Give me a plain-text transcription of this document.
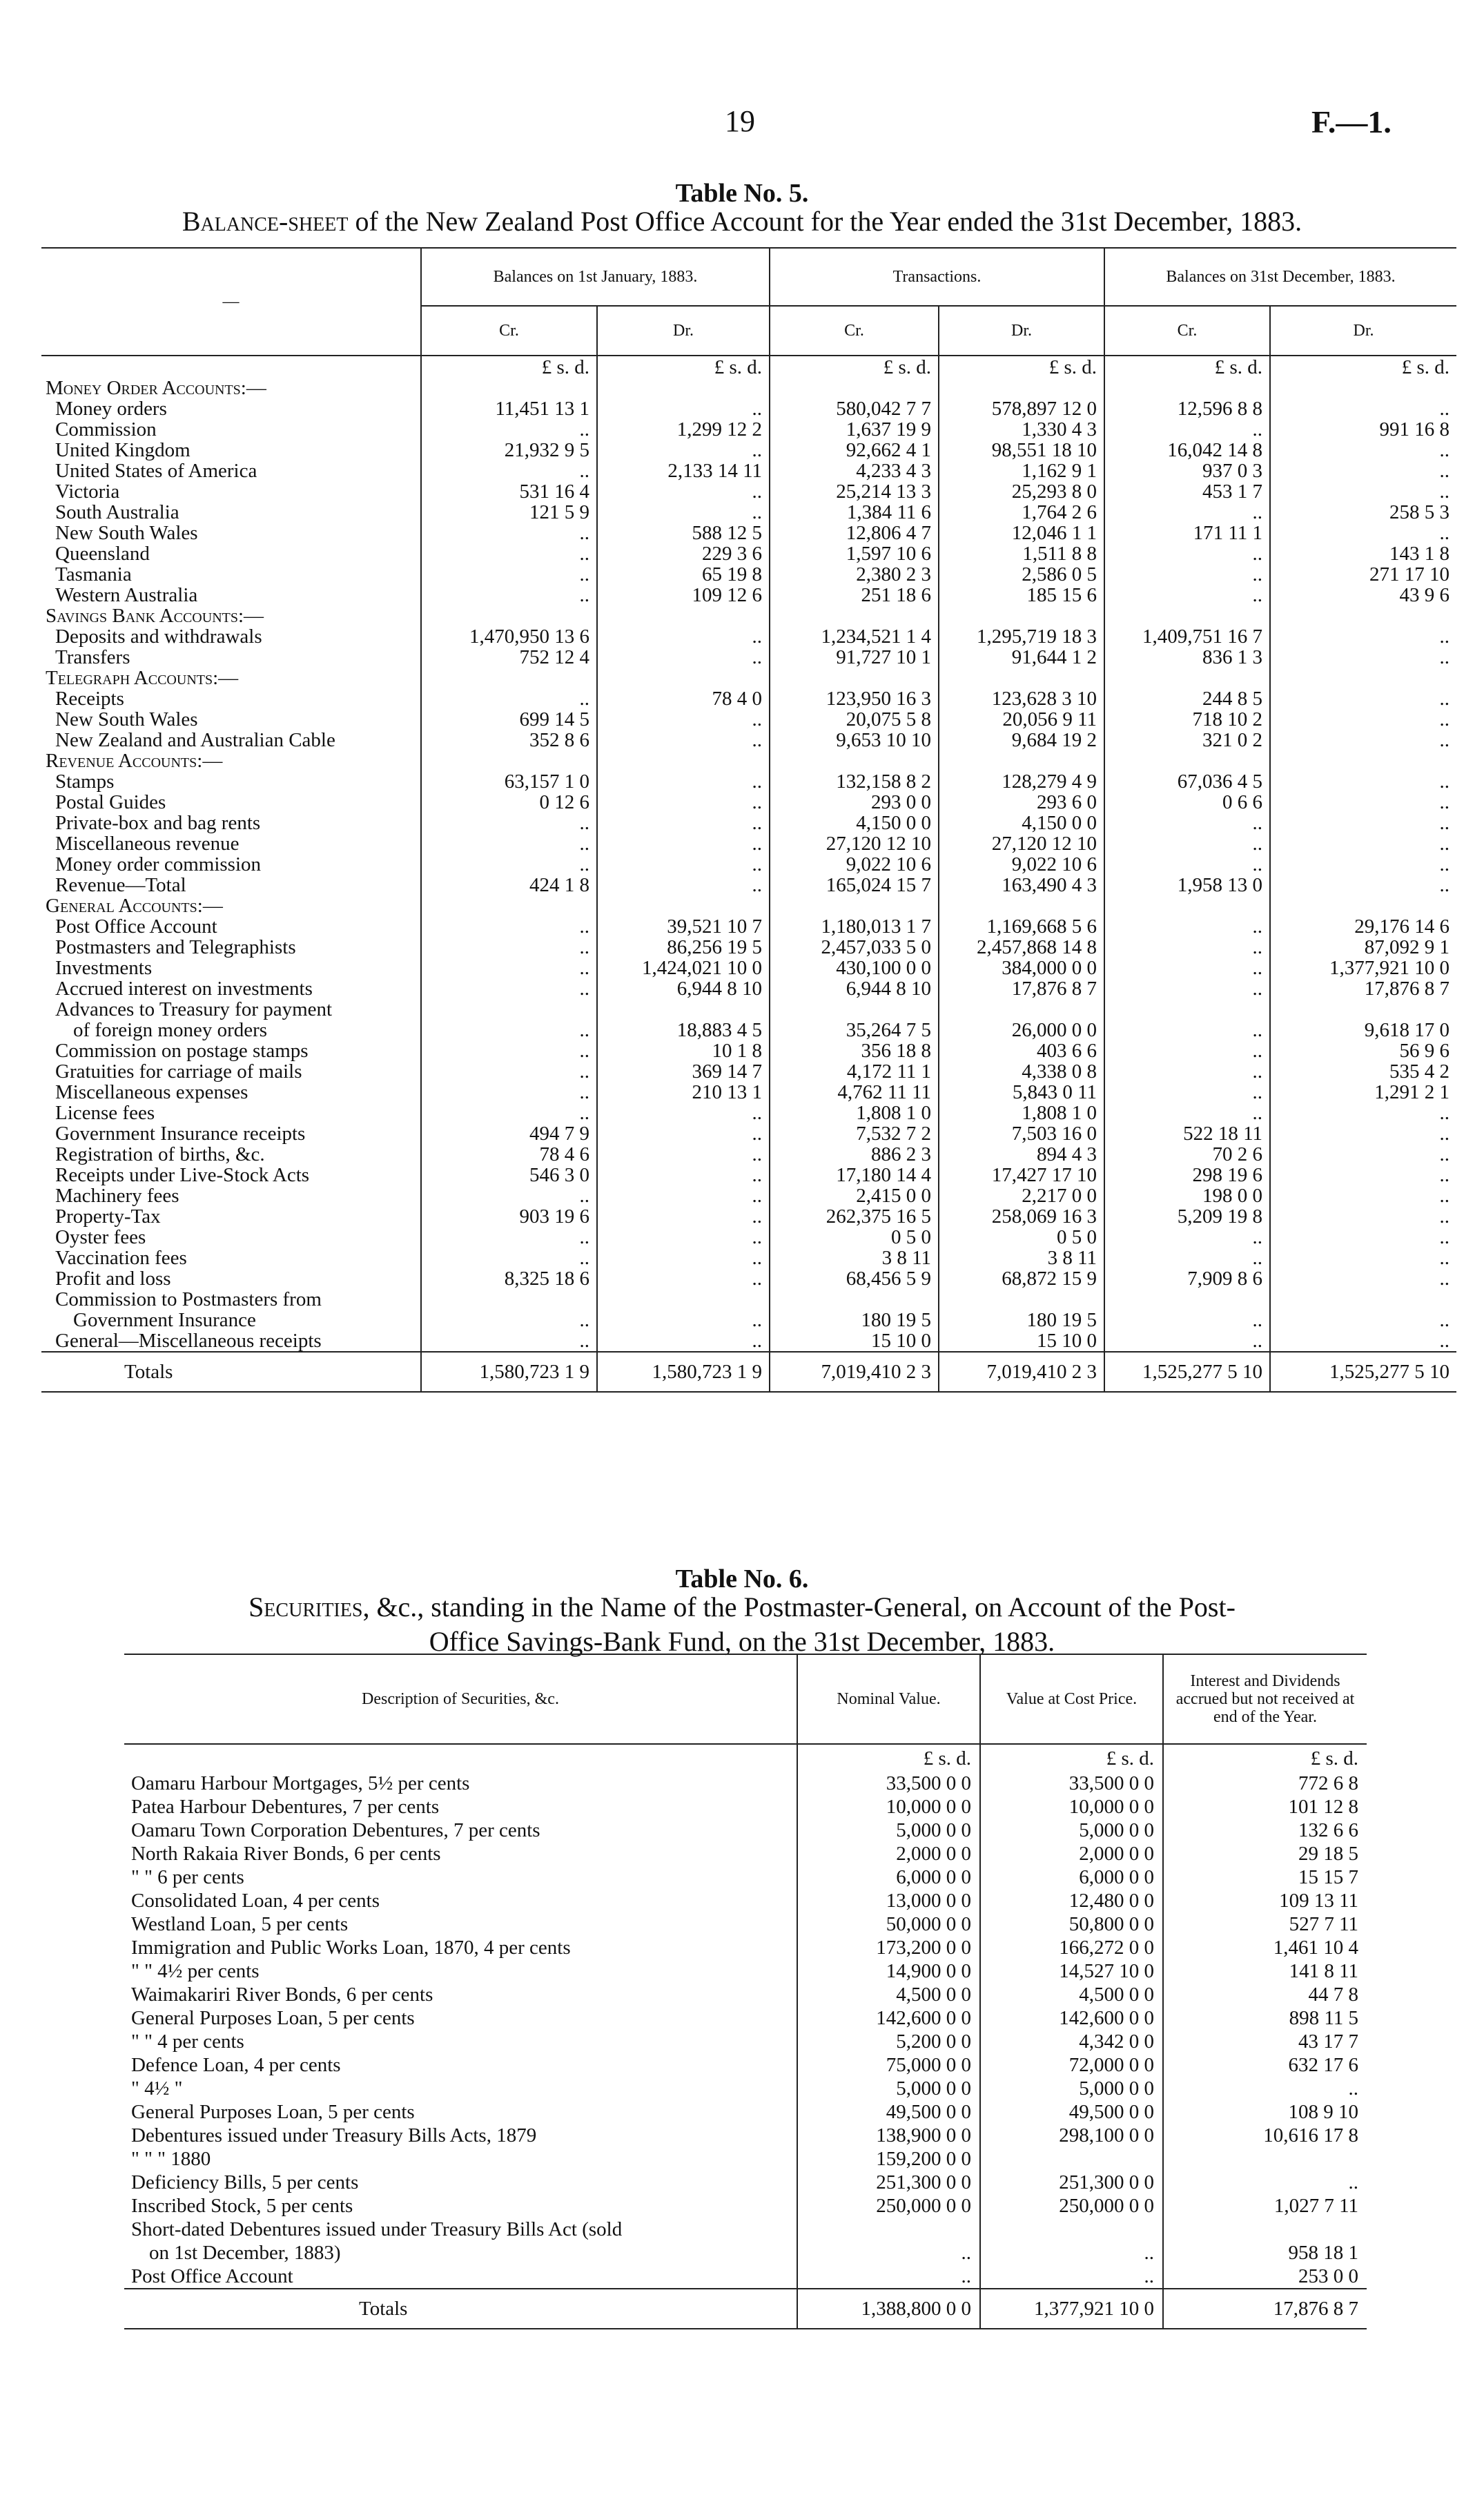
19	F.—1.
Table No. 5.
Balance-sheet of the New Zealand Post Office Account for the Year ended the 31st December, 1883.
—	Balances on 1st January, 1883.		Transactions.		Balances on 31st December, 1883.	
	Cr.	Dr.	Cr.	Dr.	Cr.	Dr.
	£ s. d.	£ s. d.	£ s. d.	£ s. d.	£ s. d.	£ s. d.
Money Order Accounts:—						
Money orders	11,451 13 1	..	580,042 7 7	578,897 12 0	12,596 8 8	..
Commission	..	1,299 12 2	1,637 19 9	1,330 4 3	..	991 16 8
United Kingdom	21,932 9 5	..	92,662 4 1	98,551 18 10	16,042 14 8	..
United States of America	..	2,133 14 11	4,233 4 3	1,162 9 1	937 0 3	..
Victoria	531 16 4	..	25,214 13 3	25,293 8 0	453 1 7	..
South Australia	121 5 9	..	1,384 11 6	1,764 2 6	..	258 5 3
New South Wales	..	588 12 5	12,806 4 7	12,046 1 1	171 11 1	..
Queensland	..	229 3 6	1,597 10 6	1,511 8 8	..	143 1 8
Tasmania	..	65 19 8	2,380 2 3	2,586 0 5	..	271 17 10
Western Australia	..	109 12 6	251 18 6	185 15 6	..	43 9 6
Savings Bank Accounts:—						
Deposits and withdrawals	1,470,950 13 6	..	1,234,521 1 4	1,295,719 18 3	1,409,751 16 7	..
Transfers	752 12 4	..	91,727 10 1	91,644 1 2	836 1 3	..
Telegraph Accounts:—						
Receipts	..	78 4 0	123,950 16 3	123,628 3 10	244 8 5	..
New South Wales	699 14 5	..	20,075 5 8	20,056 9 11	718 10 2	..
New Zealand and Australian Cable	352 8 6	..	9,653 10 10	9,684 19 2	321 0 2	..
Revenue Accounts:—						
Stamps	63,157 1 0	..	132,158 8 2	128,279 4 9	67,036 4 5	..
Postal Guides	0 12 6	..	293 0 0	293 6 0	0 6 6	..
Private-box and bag rents	..	..	4,150 0 0	4,150 0 0	..	..
Miscellaneous revenue	..	..	27,120 12 10	27,120 12 10	..	..
Money order commission	..	..	9,022 10 6	9,022 10 6	..	..
Revenue—Total	424 1 8	..	165,024 15 7	163,490 4 3	1,958 13 0	..
General Accounts:—						
Post Office Account	..	39,521 10 7	1,180,013 1 7	1,169,668 5 6	..	29,176 14 6
Postmasters and Telegraphists	..	86,256 19 5	2,457,033 5 0	2,457,868 14 8	..	87,092 9 1
Investments	..	1,424,021 10 0	430,100 0 0	384,000 0 0	..	1,377,921 10 0
Accrued interest on investments	..	6,944 8 10	6,944 8 10	17,876 8 7	..	17,876 8 7
Advances to Treasury for payment						
of foreign money orders	..	18,883 4 5	35,264 7 5	26,000 0 0	..	9,618 17 0
Commission on postage stamps	..	10 1 8	356 18 8	403 6 6	..	56 9 6
Gratuities for carriage of mails	..	369 14 7	4,172 11 1	4,338 0 8	..	535 4 2
Miscellaneous expenses	..	210 13 1	4,762 11 11	5,843 0 11	..	1,291 2 1
License fees	..	..	1,808 1 0	1,808 1 0	..	..
Government Insurance receipts	494 7 9	..	7,532 7 2	7,503 16 0	522 18 11	..
Registration of births, &c.	78 4 6	..	886 2 3	894 4 3	70 2 6	..
Receipts under Live-Stock Acts	546 3 0	..	17,180 14 4	17,427 17 10	298 19 6	..
Machinery fees	..	..	2,415 0 0	2,217 0 0	198 0 0	..
Property-Tax	903 19 6	..	262,375 16 5	258,069 16 3	5,209 19 8	..
Oyster fees	..	..	0 5 0	0 5 0	..	..
Vaccination fees	..	..	3 8 11	3 8 11	..	..
Profit and loss	8,325 18 6	..	68,456 5 9	68,872 15 9	7,909 8 6	..
Commission to Postmasters from						
Government Insurance	..	..	180 19 5	180 19 5	..	..
General—Miscellaneous receipts	..	..	15 10 0	15 10 0	..	..
Totals	1,580,723 1 9	1,580,723 1 9	7,019,410 2 3	7,019,410 2 3	1,525,277 5 10	1,525,277 5 10
Table No. 6.
Securities, &c., standing in the Name of the Postmaster-General, on Account of the Post-
Office Savings-Bank Fund, on the 31st December, 1883.
Description of Securities, &c.	Nominal Value.	Value at Cost Price.	Interest and Dividends accrued but not received at end of the Year.
	£ s. d.	£ s. d.	£ s. d.
Oamaru Harbour Mortgages, 5½ per cents	33,500 0 0	33,500 0 0	772 6 8
Patea Harbour Debentures, 7 per cents	10,000 0 0	10,000 0 0	101 12 8
Oamaru Town Corporation Debentures, 7 per cents	5,000 0 0	5,000 0 0	132 6 6
North Rakaia River Bonds, 6 per cents	2,000 0 0	2,000 0 0	29 18 5
" " 6 per cents	6,000 0 0	6,000 0 0	15 15 7
Consolidated Loan, 4 per cents	13,000 0 0	12,480 0 0	109 13 11
Westland Loan, 5 per cents	50,000 0 0	50,800 0 0	527 7 11
Immigration and Public Works Loan, 1870, 4 per cents	173,200 0 0	166,272 0 0	1,461 10 4
" " 4½ per cents	14,900 0 0	14,527 10 0	141 8 11
Waimakariri River Bonds, 6 per cents	4,500 0 0	4,500 0 0	44 7 8
General Purposes Loan, 5 per cents	142,600 0 0	142,600 0 0	898 11 5
" " 4 per cents	5,200 0 0	4,342 0 0	43 17 7
Defence Loan, 4 per cents	75,000 0 0	72,000 0 0	632 17 6
" 4½ "	5,000 0 0	5,000 0 0	..
General Purposes Loan, 5 per cents	49,500 0 0	49,500 0 0	108 9 10
Debentures issued under Treasury Bills Acts, 1879	138,900 0 0	298,100 0 0	10,616 17 8
" " " 1880	159,200 0 0		
Deficiency Bills, 5 per cents	251,300 0 0	251,300 0 0	..
Inscribed Stock, 5 per cents	250,000 0 0	250,000 0 0	1,027 7 11
Short-dated Debentures issued under Treasury Bills Act (sold			
on 1st December, 1883)	..	..	958 18 1
Post Office Account	..	..	253 0 0
Totals	1,388,800 0 0	1,377,921 10 0	17,876 8 7
